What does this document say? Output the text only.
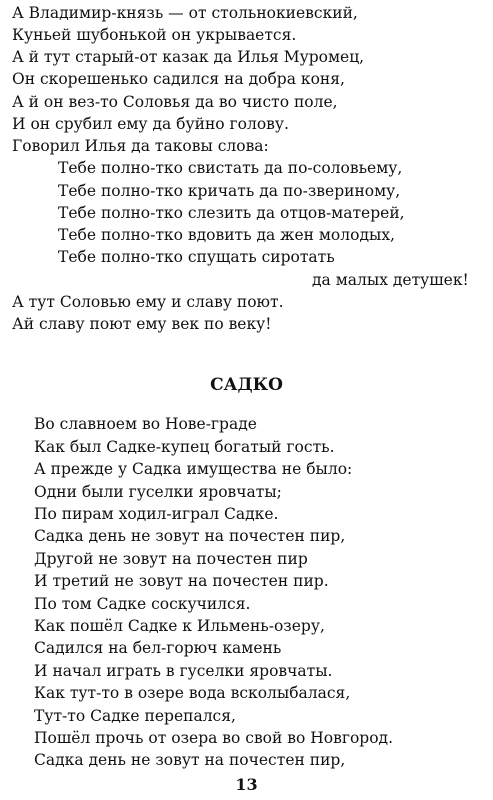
А Владимир-князь — от стольнокиевский,
Куньей шубонькой он укрывается.
А й тут старый-от казак да Илья Муромец,
Он скорешенько садился на добра коня,
А й он вез-то Соловья да во чисто поле,
И он срубил ему да буйно голову.
Говорил Илья да таковы слова:
Тебе полно-тко свистать да по-соловьему,
Тебе полно-тко кричать да по-звериному,
Тебе полно-тко слезить да отцов-матерей,
Тебе полно-тко вдовить да жен молодых,
Тебе полно-тко спущать сиротать
да малых детушек!
А тут Соловью ему и славу поют.
Ай славу поют ему век по веку!
САДКО
Во славноем во Нове-граде
Как был Садке-купец богатый гость.
А прежде у Садка имущества не было:
Одни были гуселки яровчаты;
По пирам ходил-играл Садке.
Садка день не зовут на почестен пир,
Другой не зовут на почестен пир
И третий не зовут на почестен пир.
По том Садке соскучился.
Как пошёл Садке к Ильмень-озеру,
Садился на бел-горюч камень
И начал играть в гуселки яровчаты.
Как тут-то в озере вода всколыбалася,
Тут-то Садке перепался,
Пошёл прочь от озера во свой во Новгород.
Садка день не зовут на почестен пир,
13
